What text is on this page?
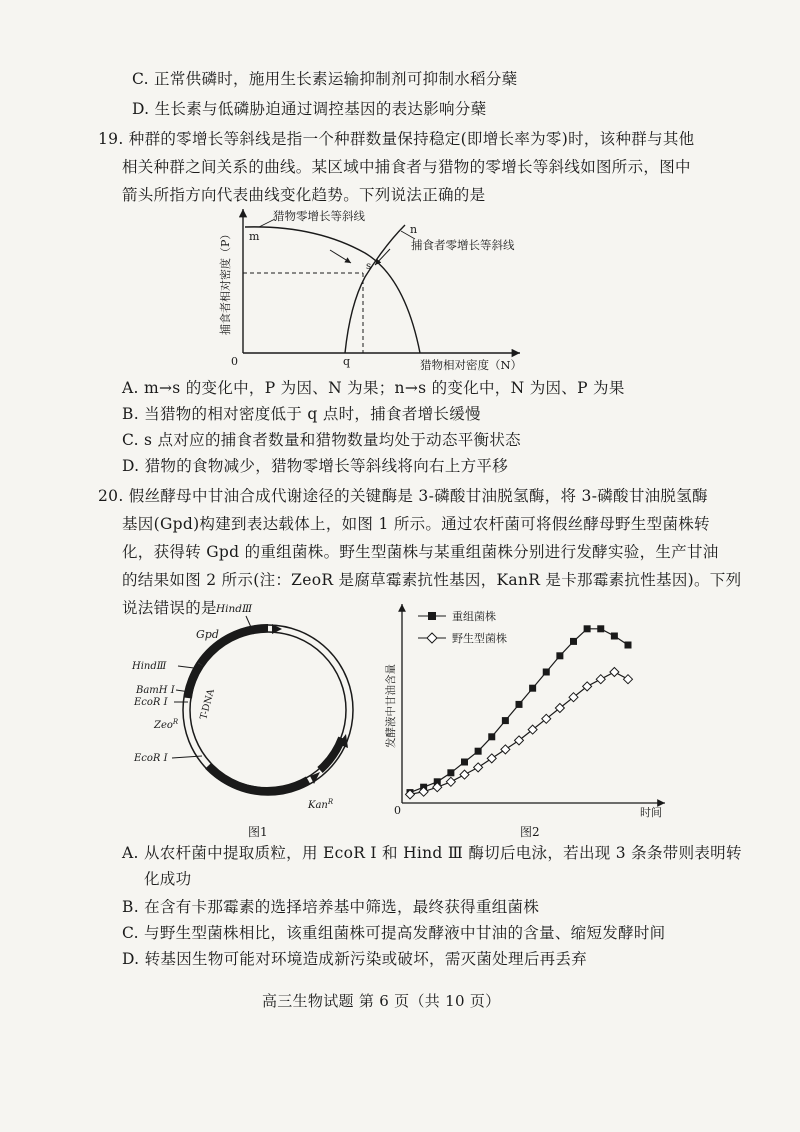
C. 正常供磷时，施用生长素运输抑制剂可抑制水稻分蘖
D. 生长素与低磷胁迫通过调控基因的表达影响分蘖
19. 种群的零增长等斜线是指一个种群数量保持稳定(即增长率为零)时，该种群与其他
相关种群之间关系的曲线。某区域中捕食者与猎物的零增长等斜线如图所示，图中
箭头所指方向代表曲线变化趋势。下列说法正确的是
猎物零增长等斜线
捕食者零增长等斜线
m
n
s
q
0	猎物相对密度（N）
捕食者相对密度（P）
A. m→s 的变化中，P 为因、N 为果；n→s 的变化中，N 为因、P 为果
B. 当猎物的相对密度低于 q 点时，捕食者增长缓慢
C. s 点对应的捕食者数量和猎物数量均处于动态平衡状态
D. 猎物的食物减少，猎物零增长等斜线将向右上方平移
20. 假丝酵母中甘油合成代谢途径的关键酶是 3-磷酸甘油脱氢酶，将 3-磷酸甘油脱氢酶
基因(Gpd)构建到表达载体上，如图 1 所示。通过农杆菌可将假丝酵母野生型菌株转
化，获得转 Gpd 的重组菌株。野生型菌株与某重组菌株分别进行发酵实验，生产甘油
的结果如图 2 所示(注：ZeoR 是腐草霉素抗性基因，KanR 是卡那霉素抗性基因)。下列
说法错误的是 HindⅢ
Gpd
HindⅢ
BamH Ⅰ
EcoR Ⅰ	T-DNA
Zeo$^R$
EcoR Ⅰ
Kan$^R$
图1
0	时间
发酵液中甘油含量
重组菌株
野生型菌株
图2
A. 从农杆菌中提取质粒，用 EcoR Ⅰ 和 Hind Ⅲ 酶切后电泳，若出现 3 条条带则表明转
化成功
B. 在含有卡那霉素的选择培养基中筛选，最终获得重组菌株
C. 与野生型菌株相比，该重组菌株可提高发酵液中甘油的含量、缩短发酵时间
D. 转基因生物可能对环境造成新污染或破坏，需灭菌处理后再丢弃
高三生物试题 第 6 页（共 10 页）
